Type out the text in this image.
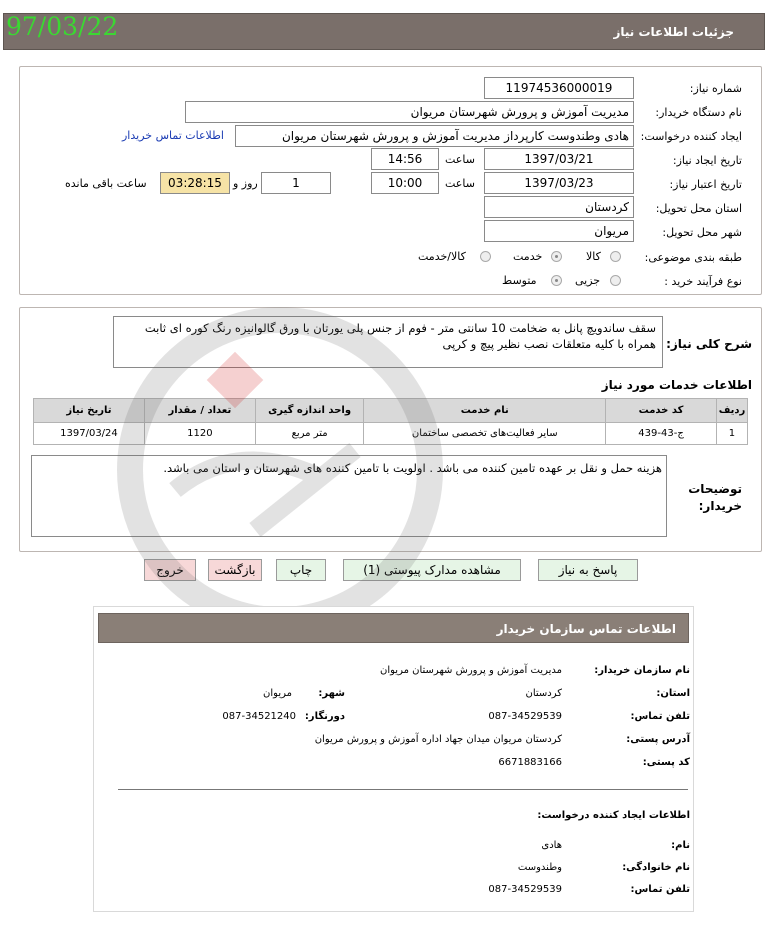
جزئیات اطلاعات نیاز
97/03/22
شماره نیاز:
11974536000019
نام دستگاه خریدار:
مدیریت آموزش و پرورش شهرستان مریوان
ایجاد کننده درخواست:
هادی وطندوست کارپرداز مدیریت آموزش و پرورش شهرستان مریوان
اطلاعات تماس خریدار
تاریخ ایجاد نیاز:
1397/03/21
ساعت
14:56
تاریخ اعتبار نیاز:
1397/03/23
ساعت
10:00
1
روز و
03:28:15
ساعت باقی مانده
استان محل تحویل:
کردستان
شهر محل تحویل:
مریوان
طبقه بندی موضوعی:
کالا
خدمت
کالا/خدمت
نوع فرآیند خرید :
جزیی
متوسط
سقف ساندویچ پانل به ضخامت 10 سانتی متر - فوم از جنس پلی یورتان با ورق گالوانیزه رنگ کوره ای ثابت
همراه با کلیه متعلقات نصب نظیر پیچ و کرپی شرح کلی نیاز:
اطلاعات خدمات مورد نیاز
ردیف	کد خدمت	نام خدمت	واحد اندازه گیری	تعداد / مقدار	تاریخ نیاز
1	ج-43-439	سایر فعالیت‌های تخصصی ساختمان	متر مربع	1120	1397/03/24
هزینه حمل و نقل بر عهده تامین کننده می باشد . اولویت با تامین کننده های شهرستان و استان می باشد.
توضیحات
خریدار:
پاسخ به نیاز
مشاهده مدارک پیوستی (1)
چاپ
بازگشت
خروج
اطلاعات تماس سازمان خریدار
نام سازمان خریدار:
مدیریت آموزش و پرورش شهرستان مریوان
استان:
کردستان
شهر:
مریوان
تلفن تماس:
087-34529539
دورنگار:
087-34521240
آدرس پستی:
کردستان مریوان میدان جهاد اداره آموزش و پرورش مریوان
کد پستی:
6671883166
اطلاعات ایجاد کننده درخواست:
نام:
هادی
نام خانوادگی:
وطندوست
تلفن تماس:
087-34529539
